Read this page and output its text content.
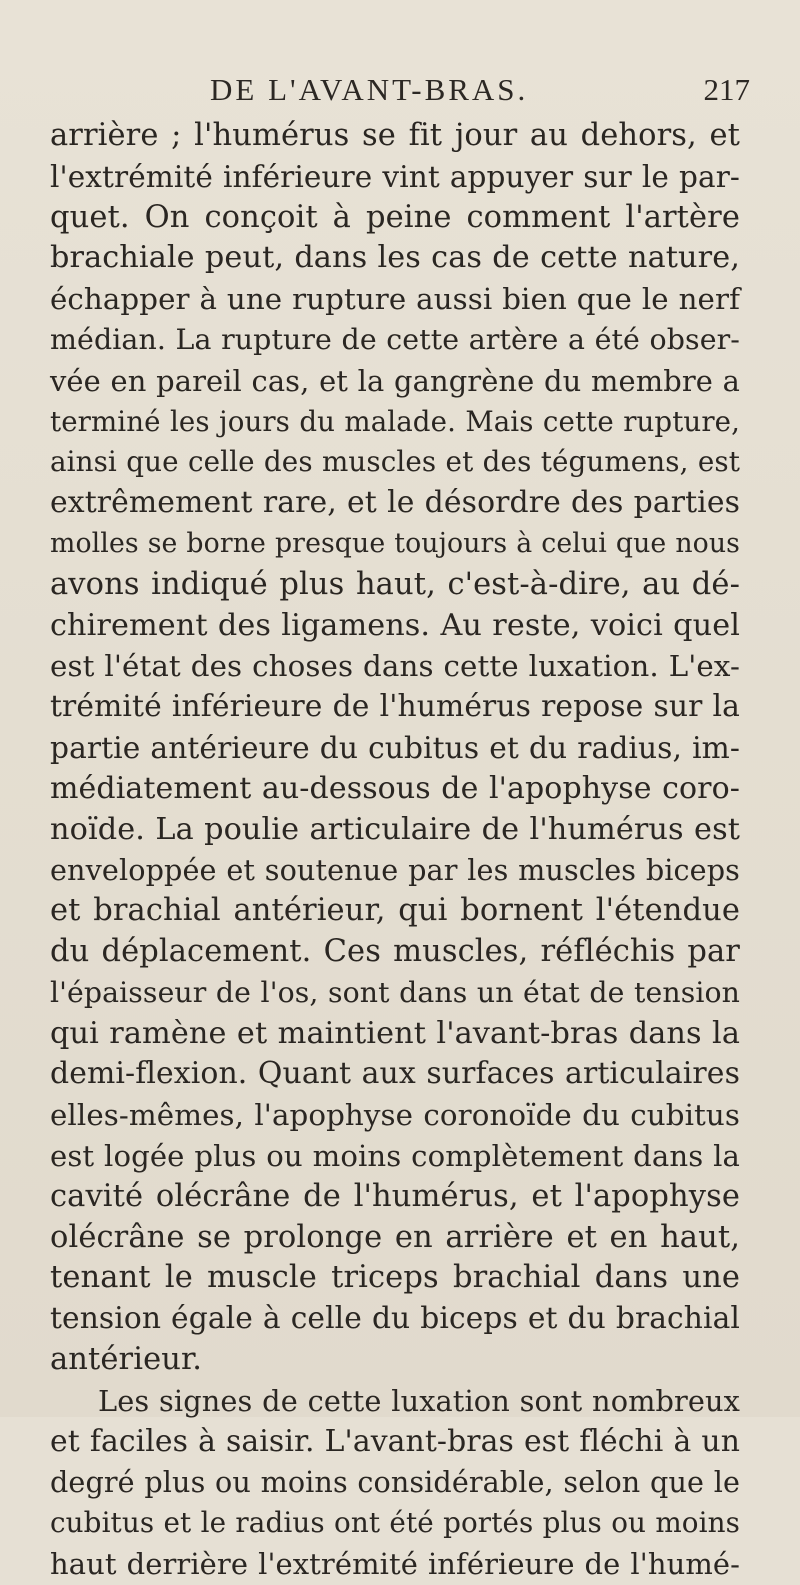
DE L'AVANT-BRAS.	217
arrière ; l'humérus se fit jour au dehors, et
l'extrémité inférieure vint appuyer sur le par-
quet. On conçoit à peine comment l'artère
brachiale peut, dans les cas de cette nature,
échapper à une rupture aussi bien que le nerf
médian. La rupture de cette artère a été obser-
vée en pareil cas, et la gangrène du membre a
terminé les jours du malade. Mais cette rupture,
ainsi que celle des muscles et des tégumens, est
extrêmement rare, et le désordre des parties
molles se borne presque toujours à celui que nous
avons indiqué plus haut, c'est-à-dire, au dé-
chirement des ligamens. Au reste, voici quel
est l'état des choses dans cette luxation. L'ex-
trémité inférieure de l'humérus repose sur la
partie antérieure du cubitus et du radius, im-
médiatement au-dessous de l'apophyse coro-
noïde. La poulie articulaire de l'humérus est
enveloppée et soutenue par les muscles biceps
et brachial antérieur, qui bornent l'étendue
du déplacement. Ces muscles, réfléchis par
l'épaisseur de l'os, sont dans un état de tension
qui ramène et maintient l'avant-bras dans la
demi-flexion. Quant aux surfaces articulaires
elles-mêmes, l'apophyse coronoïde du cubitus
est logée plus ou moins complètement dans la
cavité olécrâne de l'humérus, et l'apophyse
olécrâne se prolonge en arrière et en haut,
tenant le muscle triceps brachial dans une
tension égale à celle du biceps et du brachial
antérieur.
Les signes de cette luxation sont nombreux
et faciles à saisir. L'avant-bras est fléchi à un
degré plus ou moins considérable, selon que le
cubitus et le radius ont été portés plus ou moins
haut derrière l'extrémité inférieure de l'humé-
